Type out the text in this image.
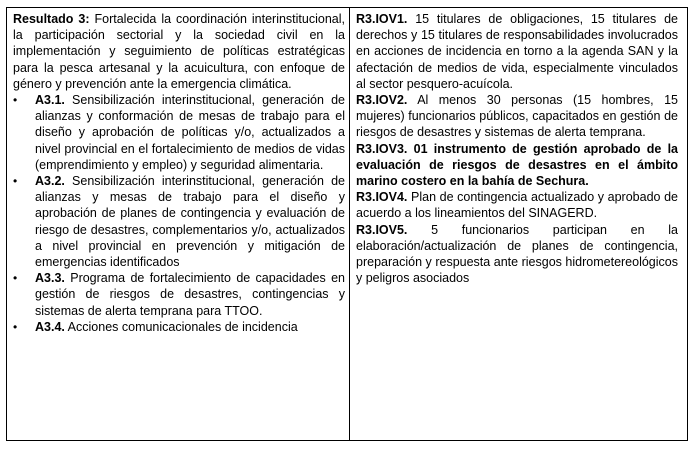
Resultado 3: Fortalecida la coordinación interinstitucional, la participación sectorial y la sociedad civil en la implementación y seguimiento de políticas estratégicas para la pesca artesanal y la acuicultura, con enfoque de género y prevención ante la emergencia climática.

• A3.1. Sensibilización interinstitucional, generación de alianzas y conformación de mesas de trabajo para el diseño y aprobación de políticas y/o, actualizados a nivel provincial en el fortalecimiento de medios de vidas (emprendimiento y empleo) y seguridad alimentaria.
• A3.2. Sensibilización interinstitucional, generación de alianzas y mesas de trabajo para el diseño y aprobación de planes de contingencia y evaluación de riesgo de desastres, complementarios y/o, actualizados a nivel provincial en prevención y mitigación de emergencias identificados
• A3.3. Programa de fortalecimiento de capacidades en gestión de riesgos de desastres, contingencias y sistemas de alerta temprana para TTOO.
• A3.4. Acciones comunicacionales de incidencia

R3.IOV1. 15 titulares de obligaciones, 15 titulares de derechos y 15 titulares de responsabilidades involucrados en acciones de incidencia en torno a la agenda SAN y la afectación de medios de vida, especialmente vinculados al sector pesquero-acuícola.

R3.IOV2. Al menos 30 personas (15 hombres, 15 mujeres) funcionarios públicos, capacitados en gestión de riesgos de desastres y sistemas de alerta temprana.

R3.IOV3. 01 instrumento de gestión aprobado de la evaluación de riesgos de desastres en el ámbito marino costero en la bahía de Sechura.

R3.IOV4. Plan de contingencia actualizado y aprobado de acuerdo a los lineamientos del SINAGERD.

R3.IOV5. 5 funcionarios participan en la elaboración/actualización de planes de contingencia, preparación y respuesta ante riesgos hidrometereológicos y peligros asociados
